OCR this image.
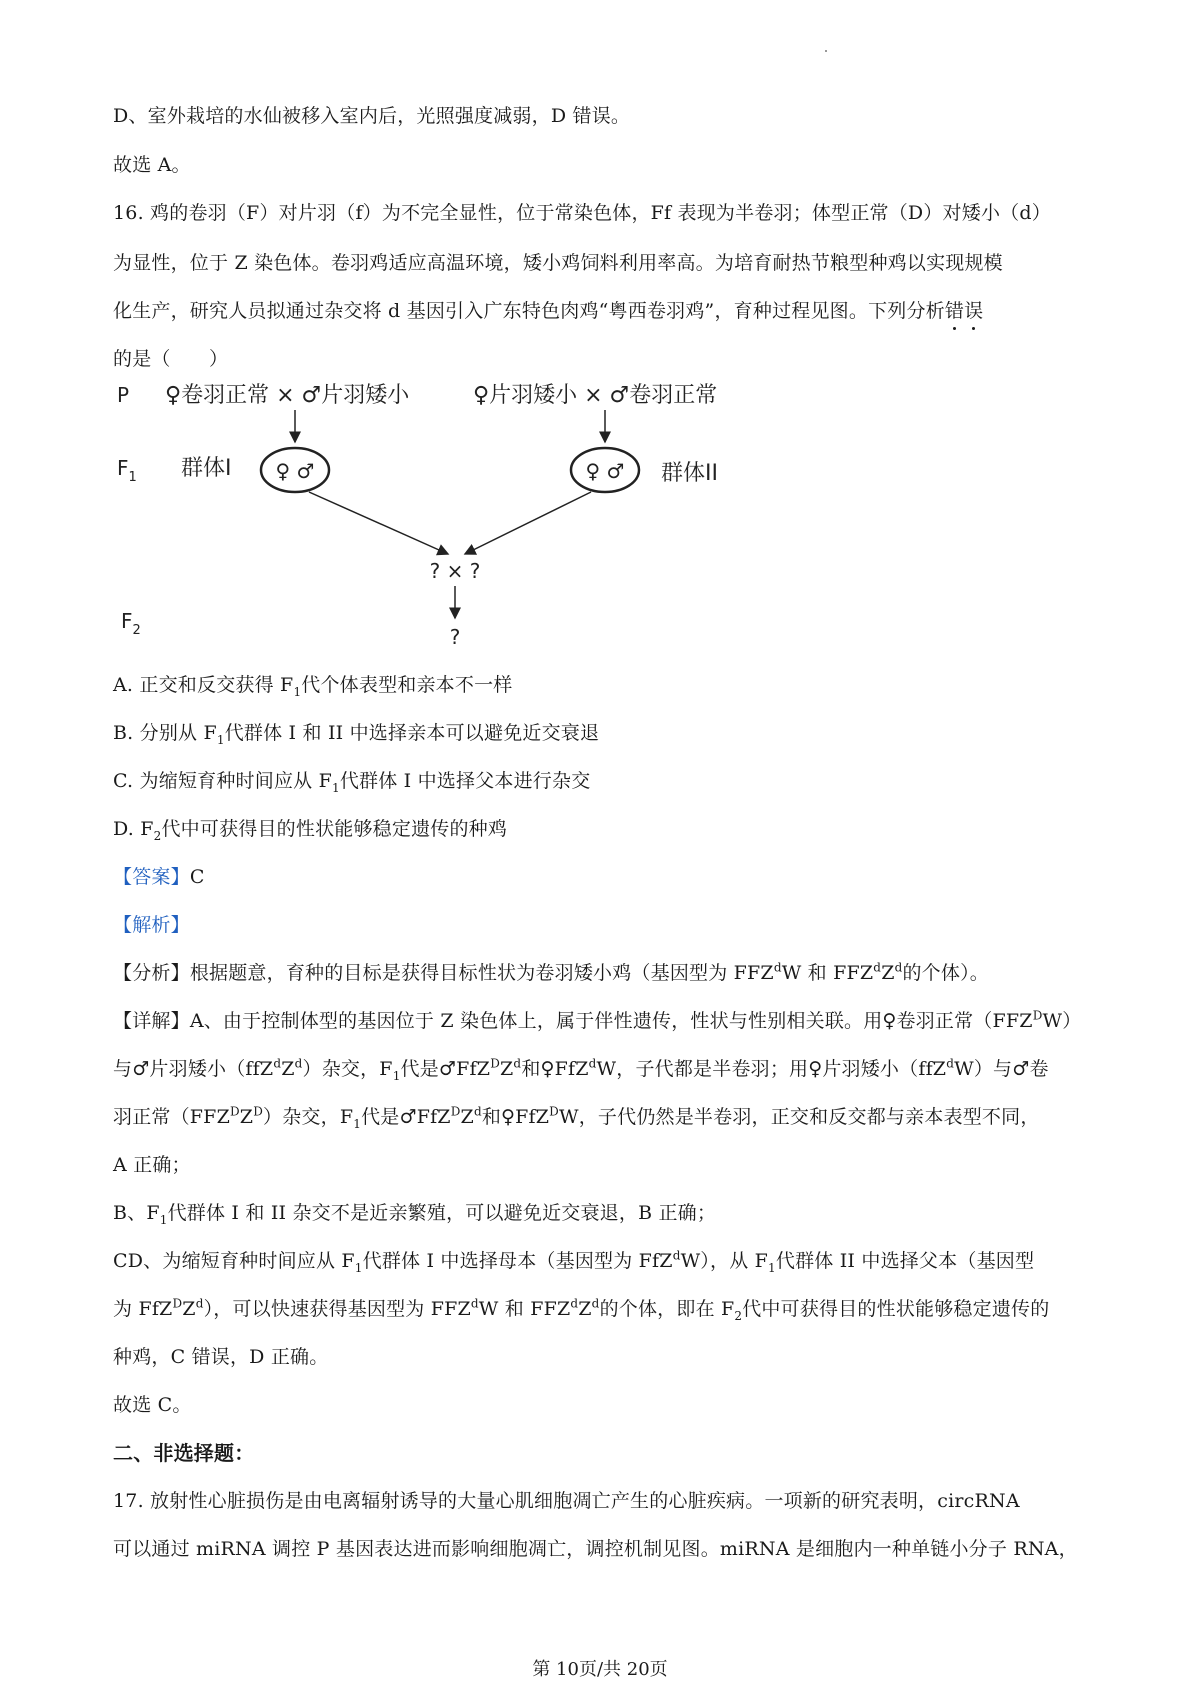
D、室外栽培的水仙被移入室内后，光照强度减弱，D 错误。
故选 A。
16. 鸡的卷羽（F）对片羽（f）为不完全显性，位于常染色体，Ff 表现为半卷羽；体型正常（D）对矮小（d）
为显性，位于 Z 染色体。卷羽鸡适应高温环境，矮小鸡饲料利用率高。为培育耐热节粮型种鸡以实现规模
化生产，研究人员拟通过杂交将 d 基因引入广东特色肉鸡“粤西卷羽鸡”，育种过程见图。下列分析错误
的是（　　）
P
$F_1$
$F_2$
♀卷羽正常 × ♂片羽矮小	♀片羽矮小 × ♂卷羽正常
群体I ♀ ♂	♀ ♂ 群体II
? × ?
?
A. 正交和反交获得 $F_1$代个体表型和亲本不一样
B. 分别从 $F_1$代群体 I 和 II 中选择亲本可以避免近交衰退
C. 为缩短育种时间应从 $F_1$代群体 I 中选择父本进行杂交
D. $F_2$代中可获得目的性状能够稳定遗传的种鸡
【答案】C
【解析】
【分析】根据题意，育种的目标是获得目标性状为卷羽矮小鸡（基因型为 FFZ$^d$W 和 $FFZ^dZ^d$的个体）。
【详解】A、由于控制体型的基因位于 Z 染色体上，属于伴性遗传，性状与性别相关联。用♀卷羽正常$(FFZ^DW)$
与♂片羽矮小$(ffZ^dZ^d)$杂交，$F_1$代是$♂FfZ^DZ^d$和♀FfZ$^d$W，子代都是半卷羽；用♀片羽矮小（ffZ$^d$W）与♂卷
羽正常$(FFZ^DZ^D)$杂交，$F_1$代是$♂FfZ^DZ^d$和♀FfZ$^D$W，子代仍然是半卷羽，正交和反交都与亲本表型不同，
A 正确；
B、$F_1$代群体 I 和 II 杂交不是近亲繁殖，可以避免近交衰退，B 正确；
CD、为缩短育种时间应从 $F_1$代群体 I 中选择母本（基因型为 FfZ$^d$W），从 $F_1$代群体 II 中选择父本（基因型
为 $FfZ^DZ^d$），可以快速获得基因型为 FFZ$^d$W 和 $FFZ^dZ^d$的个体，即在 $F_2$代中可获得目的性状能够稳定遗传的
种鸡，C 错误，D 正确。
故选 C。
二、非选择题：
17. 放射性心脏损伤是由电离辐射诱导的大量心肌细胞凋亡产生的心脏疾病。一项新的研究表明，circRNA
可以通过 miRNA 调控 P 基因表达进而影响细胞凋亡，调控机制见图。miRNA 是细胞内一种单链小分子 RNA，
第 10页/共 20页
